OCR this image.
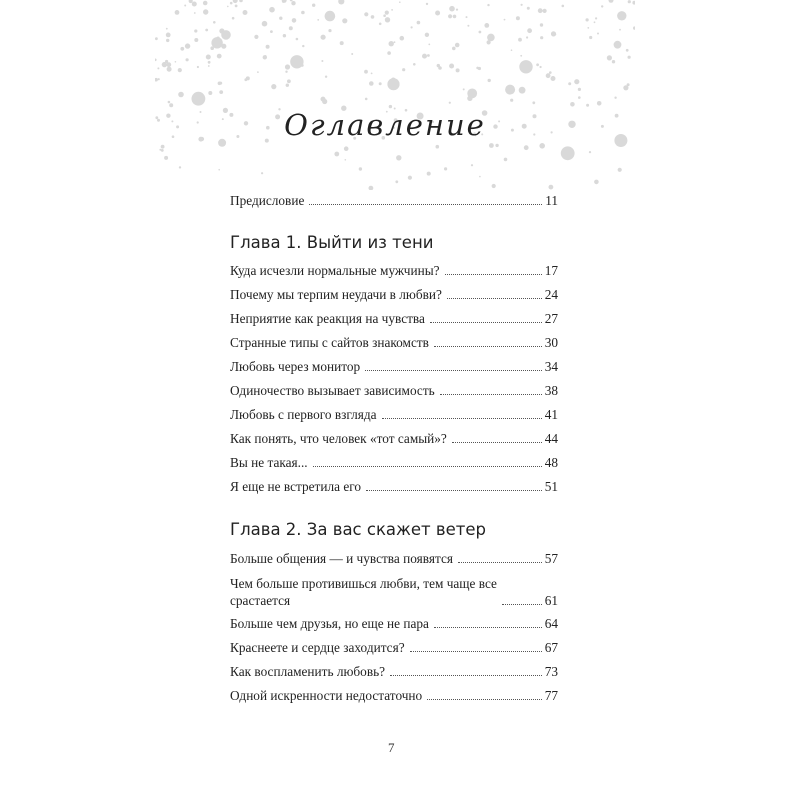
Оглавление
Предисловие	11
Глава 1. Выйти из тени
Куда исчезли нормальные мужчины?	17
Почему мы терпим неудачи в любви?	24
Неприятие как реакция на чувства	27
Странные типы с сайтов знакомств	30
Любовь через монитор	34
Одиночество вызывает зависимость	38
Любовь с первого взгляда	41
Как понять, что человек «тот самый»?	44
Вы не такая...	48
Я еще не встретила его	51
Глава 2. За вас скажет ветер
Больше общения — и чувства появятся	57
Чем больше противишься любви, тем чаще все
срастается	61
Больше чем друзья, но еще не пара	64
Краснеете и сердце заходится?	67
Как воспламенить любовь?	73
Одной искренности недостаточно	77
7
